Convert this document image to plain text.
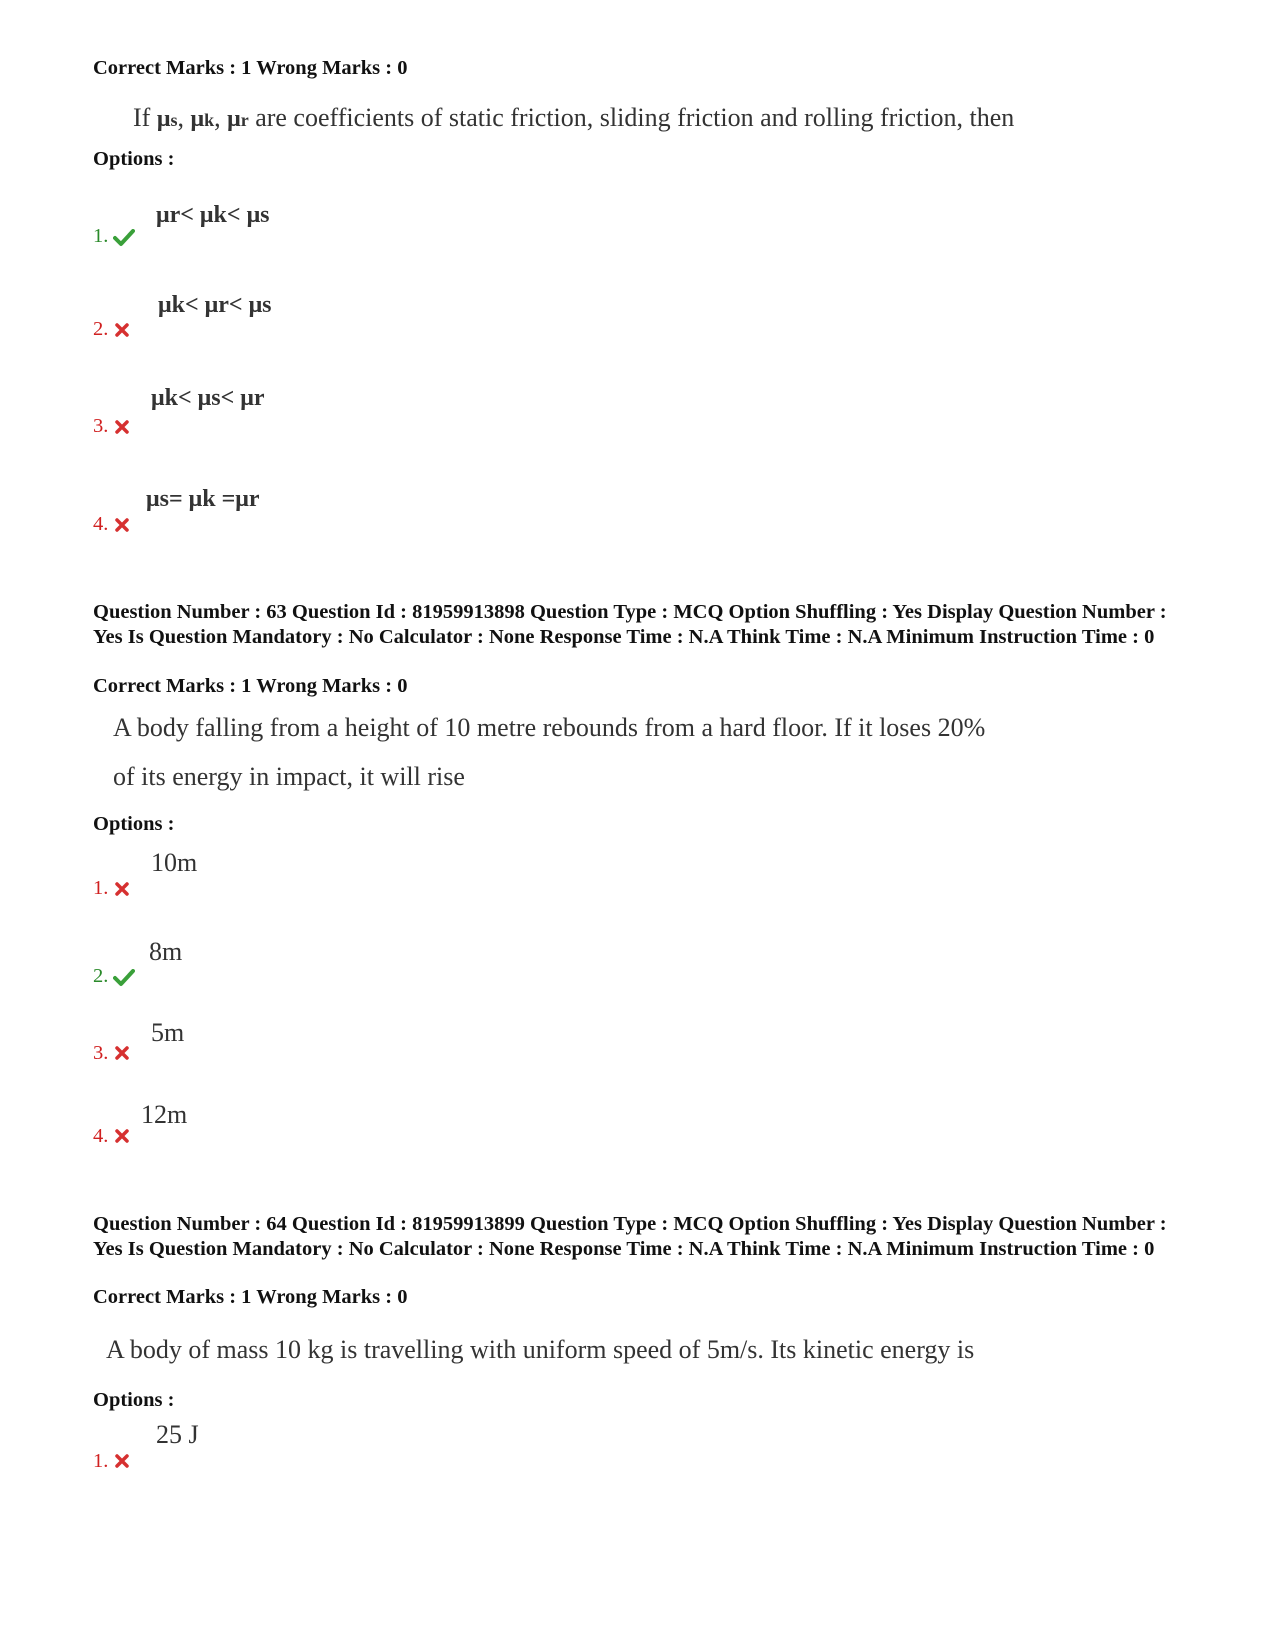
Correct Marks : 1 Wrong Marks : 0
If μs, μk, μr are coefficients of static friction, sliding friction and rolling friction, then
Options :
μr< μk< μs
1.
μk< μr< μs
2.
μk< μs< μr
3.
μs= μk =μr
4.
Question Number : 63 Question Id : 81959913898 Question Type : MCQ Option Shuffling : Yes Display Question Number : Yes Is Question Mandatory : No Calculator : None Response Time : N.A Think Time : N.A Minimum Instruction Time : 0
Correct Marks : 1 Wrong Marks : 0
A body falling from a height of 10 metre rebounds from a hard floor. If it loses 20%
of its energy in impact, it will rise
Options :
10m
1.
8m
2.
5m
3.
12m
4.
Question Number : 64 Question Id : 81959913899 Question Type : MCQ Option Shuffling : Yes Display Question Number : Yes Is Question Mandatory : No Calculator : None Response Time : N.A Think Time : N.A Minimum Instruction Time : 0
Correct Marks : 1 Wrong Marks : 0
A body of mass 10 kg is travelling with uniform speed of 5m/s. Its kinetic energy is
Options :
25 J
1.
